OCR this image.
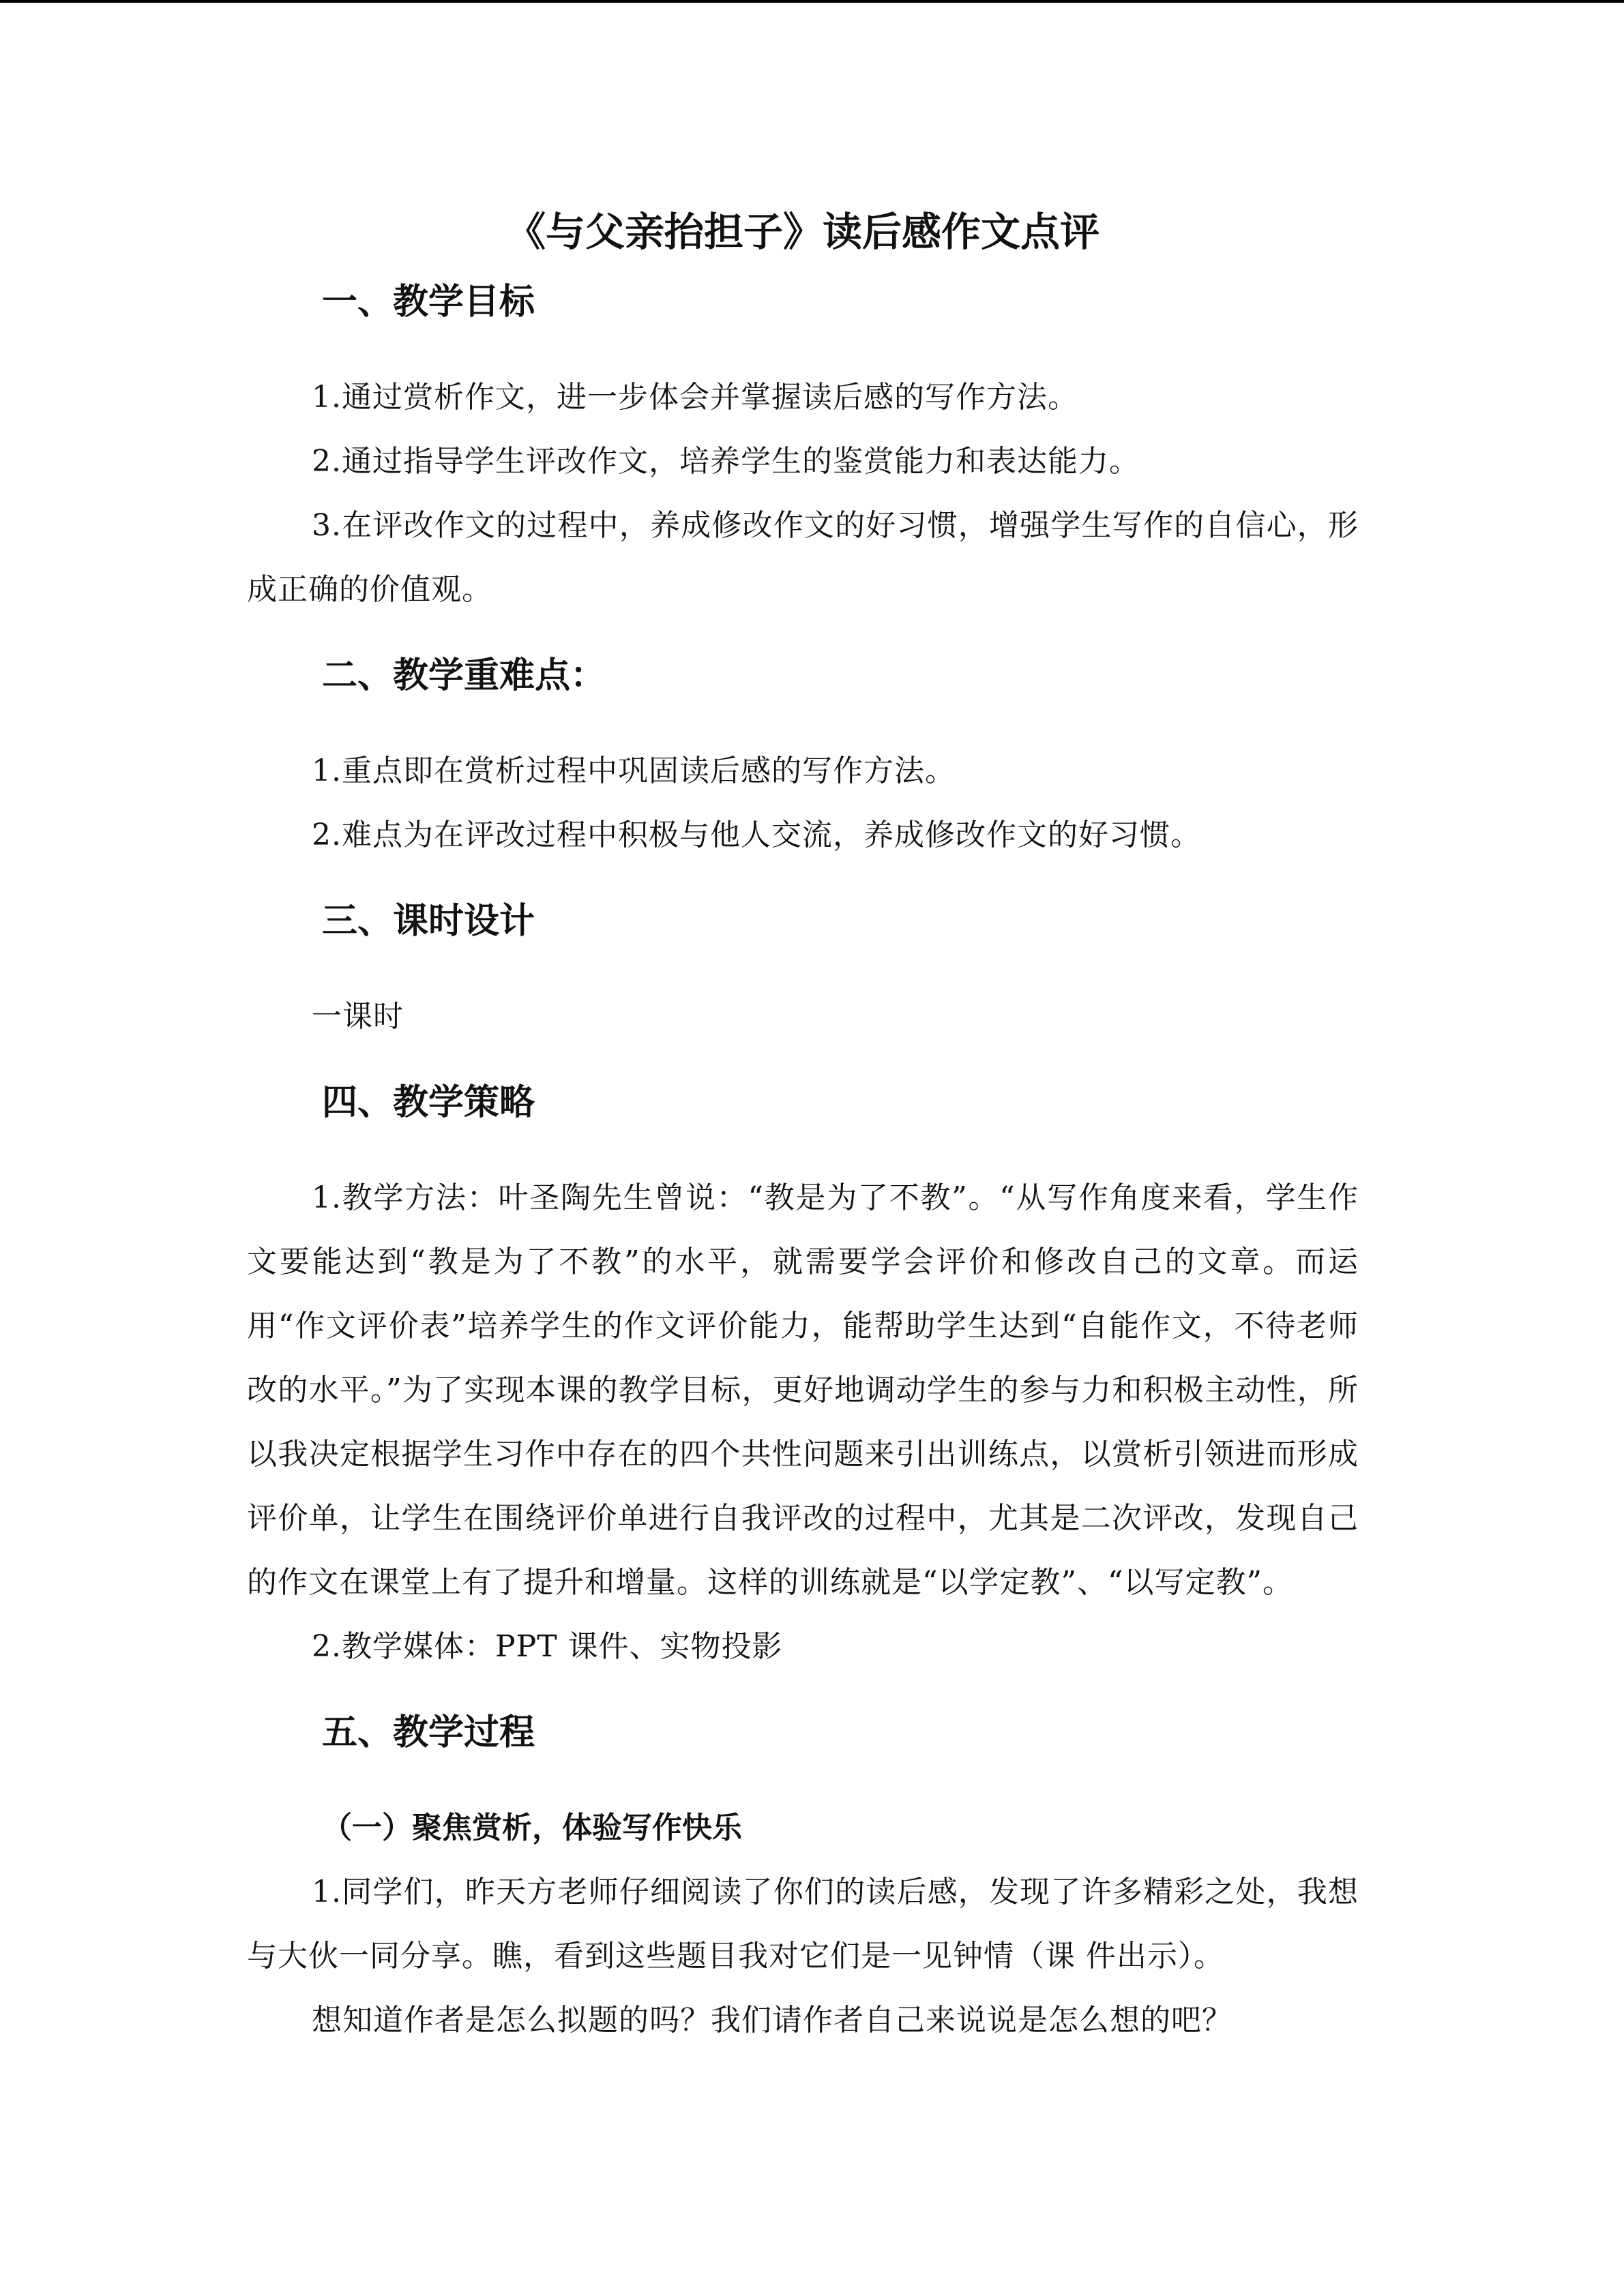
《与父亲抬担子》读后感作文点评
一、教学目标

1.通过赏析作文，进一步体会并掌握读后感的写作方法。

2.通过指导学生评改作文，培养学生的鉴赏能力和表达能力。

3.在评改作文的过程中，养成修改作文的好习惯，增强学生写作的自信心，形成正确的价值观。

二、教学重难点：

1.重点即在赏析过程中巩固读后感的写作方法。

2.难点为在评改过程中积极与他人交流，养成修改作文的好习惯。

三、课时设计

一课时

四、教学策略

1.教学方法：叶圣陶先生曾说：“教是为了不教”。“从写作角度来看，学生作文要能达到“教是为了不教”的水平，就需要学会评价和修改自己的文章。而运用“作文评价表”培养学生的作文评价能力，能帮助学生达到“自能作文，不待老师改的水平。”为了实现本课的教学目标，更好地调动学生的参与力和积极主动性，所以我决定根据学生习作中存在的四个共性问题来引出训练点，以赏析引领进而形成评价单，让学生在围绕评价单进行自我评改的过程中，尤其是二次评改，发现自己的作文在课堂上有了提升和增量。这样的训练就是“以学定教”、“以写定教”。

2.教学媒体：PPT 课件、实物投影

五、教学过程
（一）聚焦赏析，体验写作快乐

1.同学们，昨天方老师仔细阅读了你们的读后感，发现了许多精彩之处，我想与大伙一同分享。瞧，看到这些题目我对它们是一见钟情（课 件出示）。

想知道作者是怎么拟题的吗？我们请作者自己来说说是怎么想的吧？
